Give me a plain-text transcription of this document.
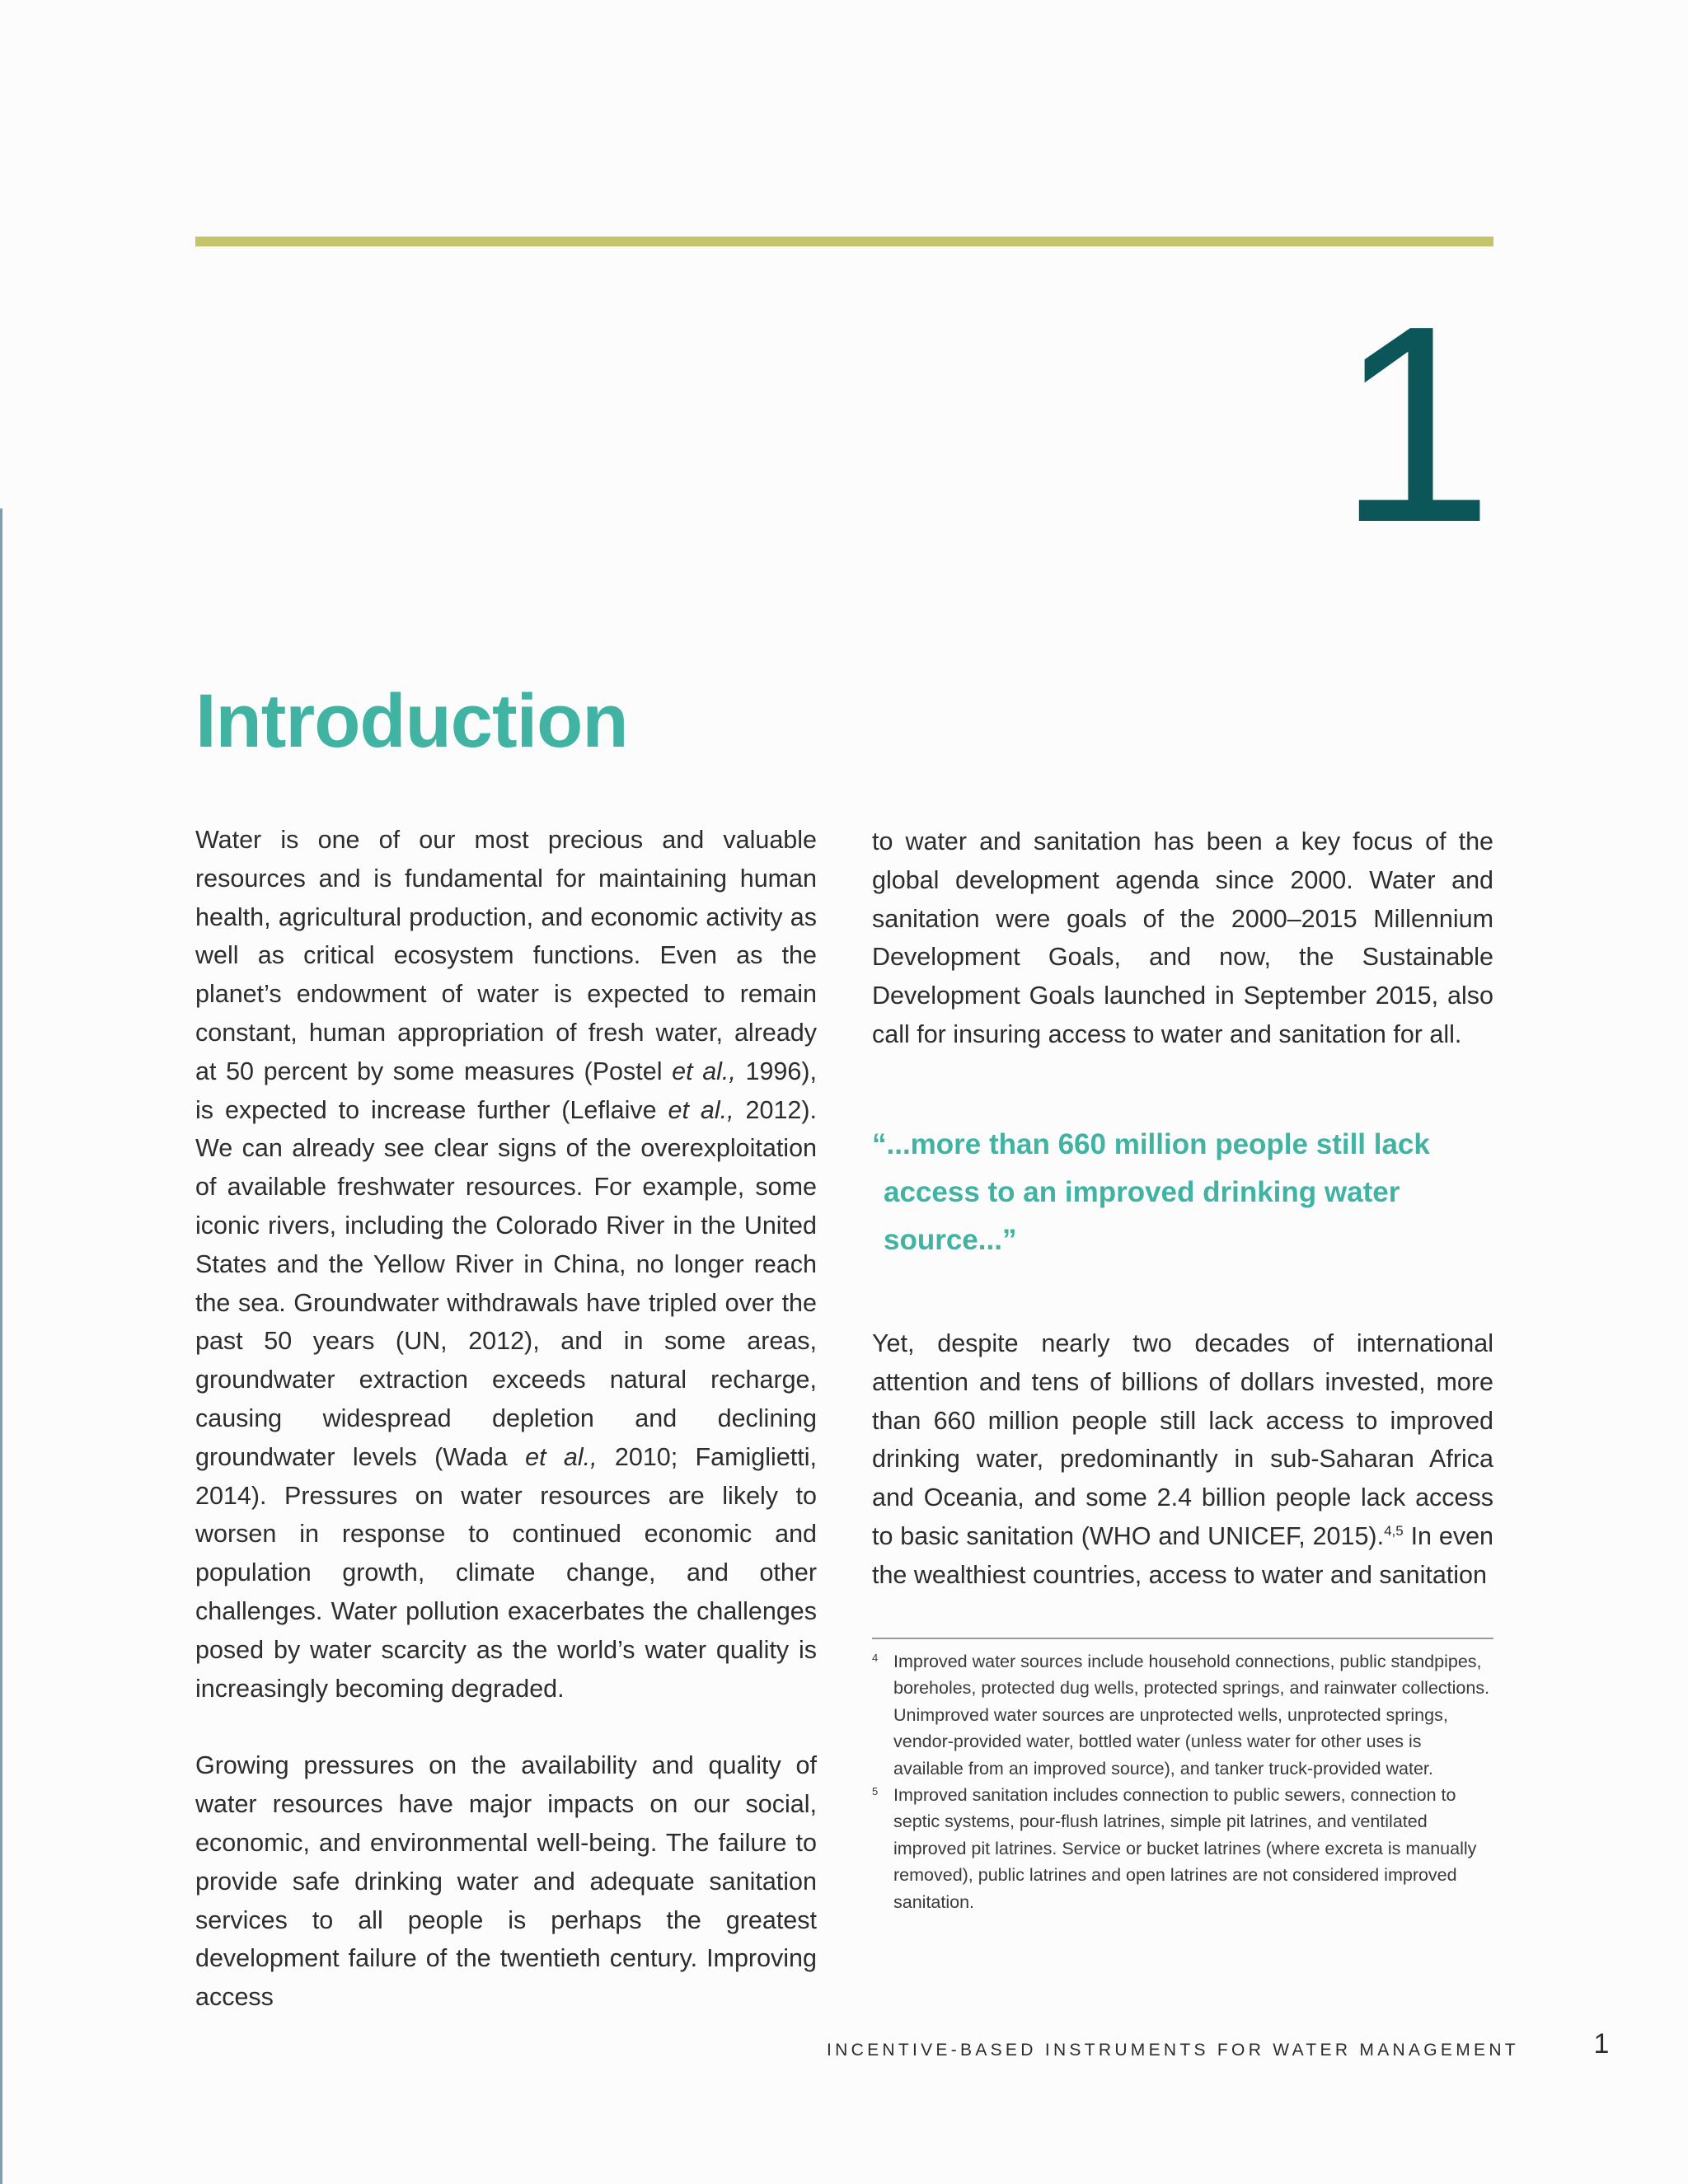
1
Introduction

Water is one of our most precious and valuable resources and is fundamental for maintaining human health, agricultural production, and economic activity as well as critical ecosystem functions. Even as the planet’s endowment of water is expected to remain constant, human appropriation of fresh water, already at 50 percent by some measures (Postel et al., 1996), is expected to increase further (Leflaive et al., 2012). We can already see clear signs of the overexploitation of available freshwater resources. For example, some iconic rivers, including the Colorado River in the United States and the Yellow River in China, no longer reach the sea. Groundwater withdrawals have tripled over the past 50 years (UN, 2012), and in some areas, groundwater extraction exceeds natural recharge, causing widespread depletion and declining groundwater levels (Wada et al., 2010; Famiglietti, 2014). Pressures on water resources are likely to worsen in response to continued economic and population growth, climate change, and other challenges. Water pollution exacerbates the challenges posed by water scarcity as the world’s water quality is increasingly becoming degraded.

Growing pressures on the availability and quality of water resources have major impacts on our social, economic, and environmental well-being. The failure to provide safe drinking water and adequate sanitation services to all people is perhaps the greatest development failure of the twentieth century. Improving access

to water and sanitation has been a key focus of the global development agenda since 2000. Water and sanitation were goals of the 2000–2015 Millennium Development Goals, and now, the Sustainable Development Goals launched in September 2015, also call for insuring access to water and sanitation for all.

“...more than 660 million people still lack
access to an improved drinking water
source...”

Yet, despite nearly two decades of international attention and tens of billions of dollars invested, more than 660 million people still lack access to improved drinking water, predominantly in sub-Saharan Africa and Oceania, and some 2.4 billion people lack access to basic sanitation (WHO and UNICEF, 2015).$^{4,5}$ In even the wealthiest countries, access to water and sanitation

4 Improved water sources include household connections, public standpipes, boreholes, protected dug wells, protected springs, and rainwater collections. Unimproved water sources are unprotected wells, unprotected springs, vendor-provided water, bottled water (unless water for other uses is available from an improved source), and tanker truck-provided water.

5 Improved sanitation includes connection to public sewers, connection to septic systems, pour-flush latrines, simple pit latrines, and ventilated improved pit latrines. Service or bucket latrines (where excreta is manually removed), public latrines and open latrines are not considered improved sanitation.

INCENTIVE-BASED INSTRUMENTS FOR WATER MANAGEMENT	1
